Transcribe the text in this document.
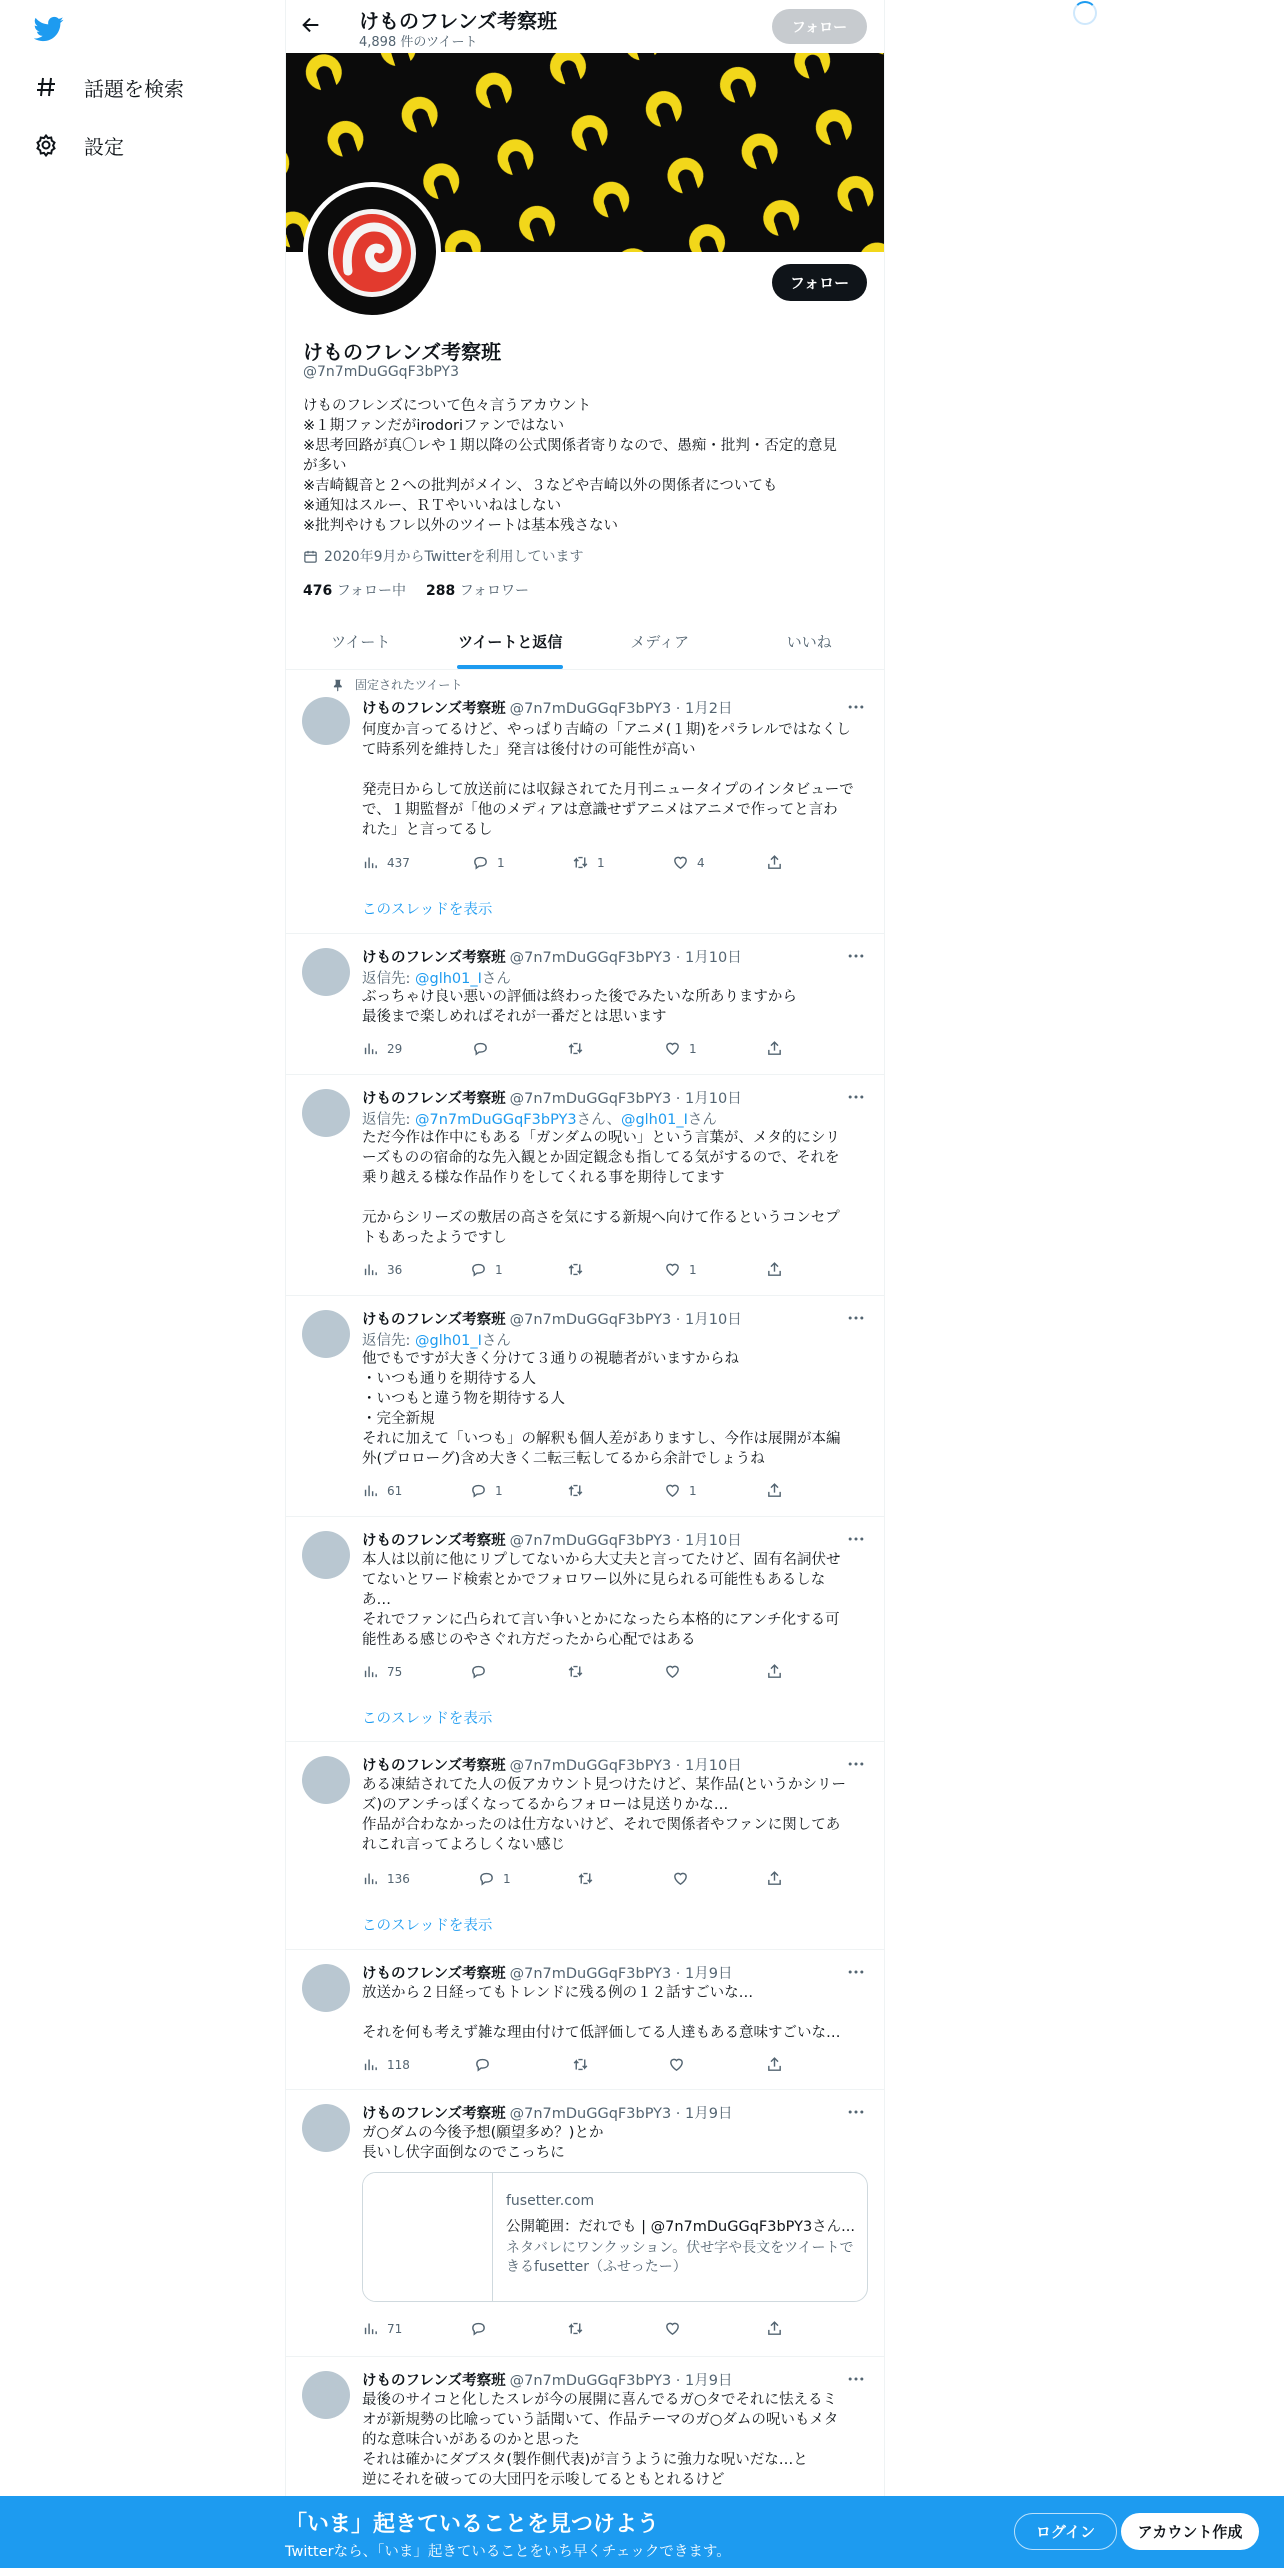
話題を検索
設定
けものフレンズ考察班
4,898 件のツイート
フォロー
フォロー
けものフレンズ考察班
@7n7mDuGGqF3bPY3
けものフレンズについて色々言うアカウント
※１期ファンだがirodoriファンではない
※思考回路が真〇レや１期以降の公式関係者寄りなので、愚痴・批判・否定的意見
が多い
※吉崎観音と２への批判がメイン、３などや吉崎以外の関係者についても
※通知はスルー、ＲＴやいいねはしない
※批判やけもフレ以外のツイートは基本残さない
2020年9月からTwitterを利用しています
476 フォロー中 288 フォロワー
ツイート	ツイートと返信	メディア	いいね
固定されたツイート
けものフレンズ考察班 @7n7mDuGGqF3bPY3 · 1月2日
何度か言ってるけど、やっぱり吉崎の「アニメ(１期)をパラレルではなくし
て時系列を維持した」発言は後付けの可能性が高い
発売日からして放送前には収録されてた月刊ニュータイプのインタビューで
で、１期監督が「他のメディアは意識せずアニメはアニメで作ってと言わ
れた」と言ってるし
437	1	1	4
このスレッドを表示
けものフレンズ考察班 @7n7mDuGGqF3bPY3 · 1月10日
返信先: @glh01_Iさん
ぶっちゃけ良い悪いの評価は終わった後でみたいな所ありますから
最後まで楽しめればそれが一番だとは思います
29	1
けものフレンズ考察班 @7n7mDuGGqF3bPY3 · 1月10日
返信先: @7n7mDuGGqF3bPY3さん、@glh01_Iさん
ただ今作は作中にもある「ガンダムの呪い」という言葉が、メタ的にシリ
ーズものの宿命的な先入観とか固定観念も指してる気がするので、それを
乗り越える様な作品作りをしてくれる事を期待してます
元からシリーズの敷居の高さを気にする新規へ向けて作るというコンセプ
トもあったようですし
36	1	1
けものフレンズ考察班 @7n7mDuGGqF3bPY3 · 1月10日
返信先: @glh01_Iさん
他でもですが大きく分けて３通りの視聴者がいますからね
・いつも通りを期待する人
・いつもと違う物を期待する人
・完全新規
それに加えて「いつも」の解釈も個人差がありますし、今作は展開が本編
外(プロローグ)含め大きく二転三転してるから余計でしょうね
61	1	1
けものフレンズ考察班 @7n7mDuGGqF3bPY3 · 1月10日
本人は以前に他にリプしてないから大丈夫と言ってたけど、固有名詞伏せ
てないとワード検索とかでフォロワー以外に見られる可能性もあるしな
あ…
それでファンに凸られて言い争いとかになったら本格的にアンチ化する可
能性ある感じのやさぐれ方だったから心配ではある
75
このスレッドを表示
けものフレンズ考察班 @7n7mDuGGqF3bPY3 · 1月10日
ある凍結されてた人の仮アカウント見つけたけど、某作品(というかシリー
ズ)のアンチっぽくなってるからフォローは見送りかな…
作品が合わなかったのは仕方ないけど、それで関係者やファンに関してあ
れこれ言ってよろしくない感じ
136	1
このスレッドを表示
けものフレンズ考察班 @7n7mDuGGqF3bPY3 · 1月9日
放送から２日経ってもトレンドに残る例の１２話すごいな…
それを何も考えず雑な理由付けて低評価してる人達もある意味すごいな…
118
けものフレンズ考察班 @7n7mDuGGqF3bPY3 · 1月9日
ガ○ダムの今後予想(願望多め？)とか
長いし伏字面倒なのでこっちに
fusetter.com
公開範囲：だれでも | @7n7mDuGGqF3bPY3さん...
ネタバレにワンクッション。伏せ字や長文をツイートできるfusetter（ふせったー）
71
けものフレンズ考察班 @7n7mDuGGqF3bPY3 · 1月9日
最後のサイコと化したスレが今の展開に喜んでるガ○タでそれに怯えるミ
オが新規勢の比喩っていう話聞いて、作品テーマのガ○ダムの呪いもメタ
的な意味合いがあるのかと思った
それは確かにダブスタ(製作側代表)が言うように強力な呪いだな…と
逆にそれを破っての大団円を示唆してるともとれるけど
「いま」起きていることを見つけよう
Twitterなら、「いま」起きていることをいち早くチェックできます。
ログイン	アカウント作成
